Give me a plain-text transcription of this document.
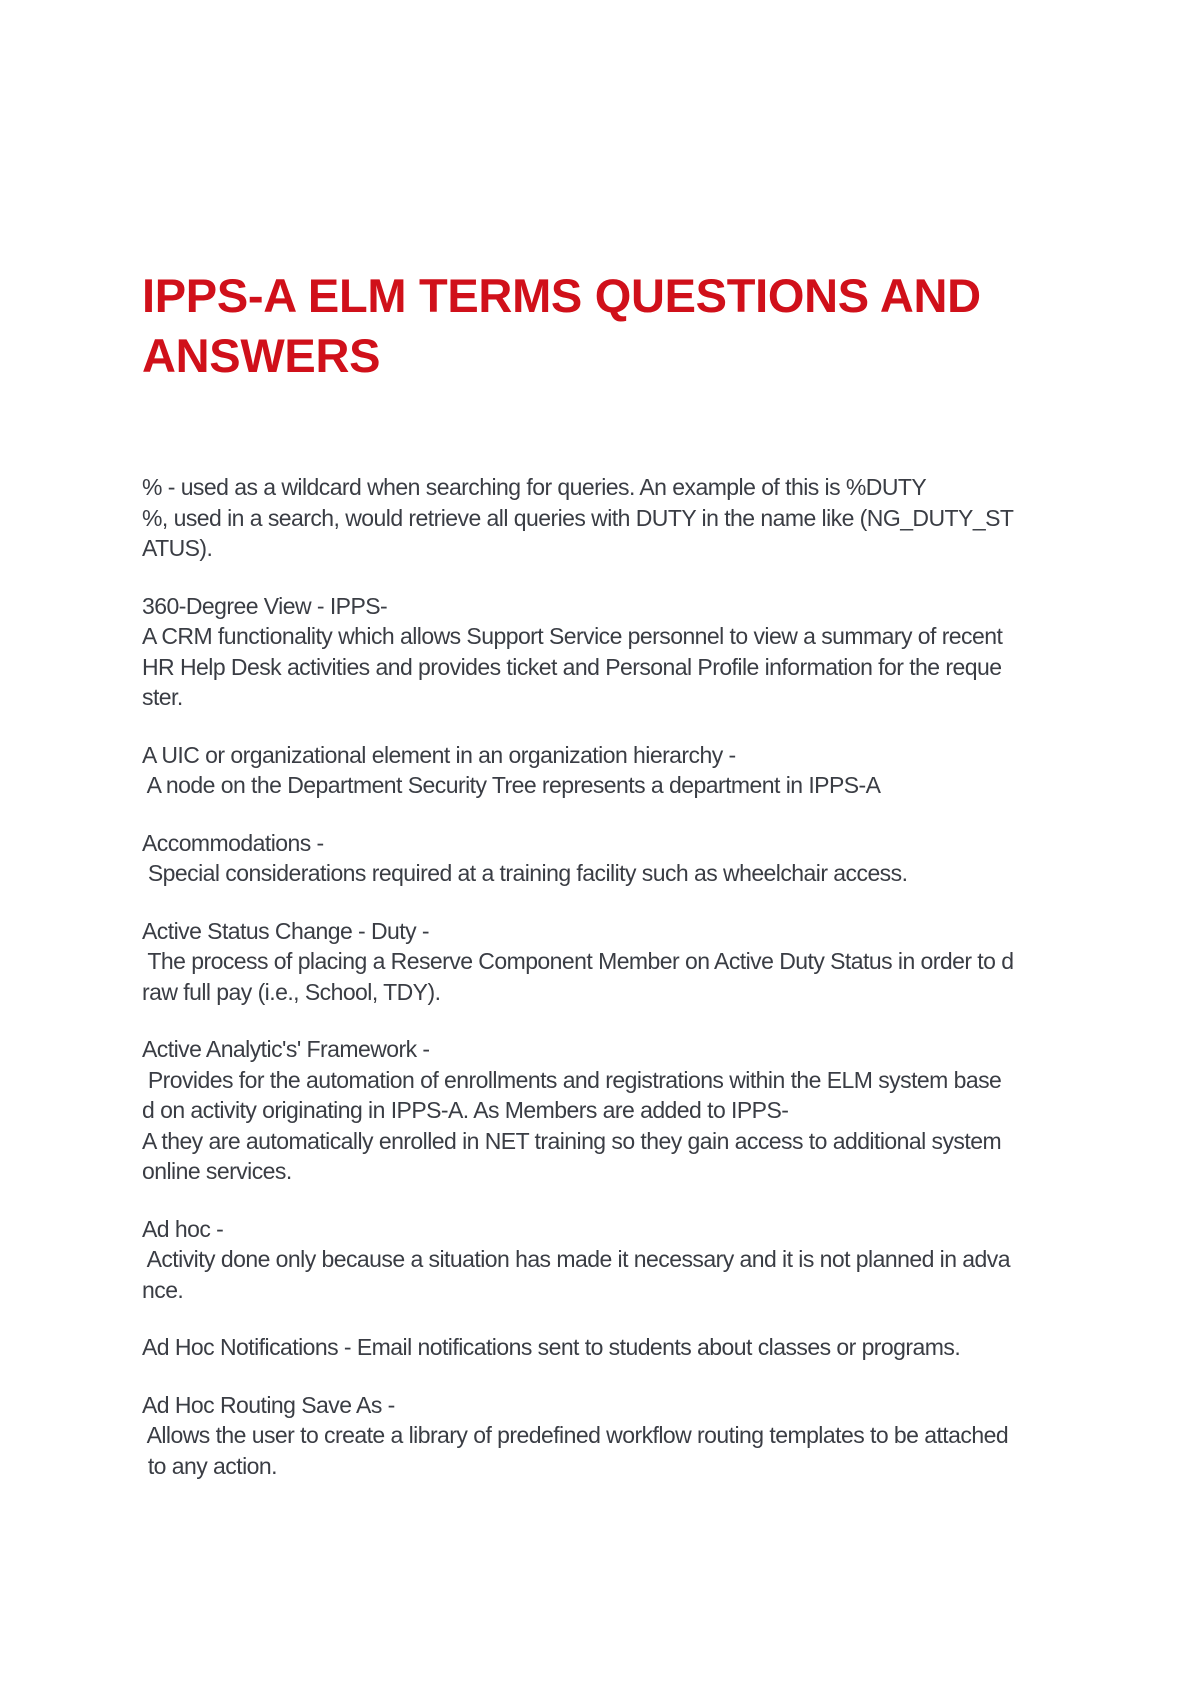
IPPS-A ELM TERMS QUESTIONS AND
ANSWERS

% - used as a wildcard when searching for queries. An example of this is %DUTY
%, used in a search, would retrieve all queries with DUTY in the name like (NG_DUTY_ST
ATUS).

360-Degree View - IPPS-
A CRM functionality which allows Support Service personnel to view a summary of recent
HR Help Desk activities and provides ticket and Personal Profile information for the reque
ster.

A UIC or organizational element in an organization hierarchy -
A node on the Department Security Tree represents a department in IPPS-A

Accommodations -
Special considerations required at a training facility such as wheelchair access.

Active Status Change - Duty -
The process of placing a Reserve Component Member on Active Duty Status in order to d
raw full pay (i.e., School, TDY).

Active Analytic's' Framework -
Provides for the automation of enrollments and registrations within the ELM system base
d on activity originating in IPPS-A. As Members are added to IPPS-
A they are automatically enrolled in NET training so they gain access to additional system
online services.

Ad hoc -
Activity done only because a situation has made it necessary and it is not planned in adva
nce.

Ad Hoc Notifications - Email notifications sent to students about classes or programs.

Ad Hoc Routing Save As -
Allows the user to create a library of predefined workflow routing templates to be attached
to any action.
